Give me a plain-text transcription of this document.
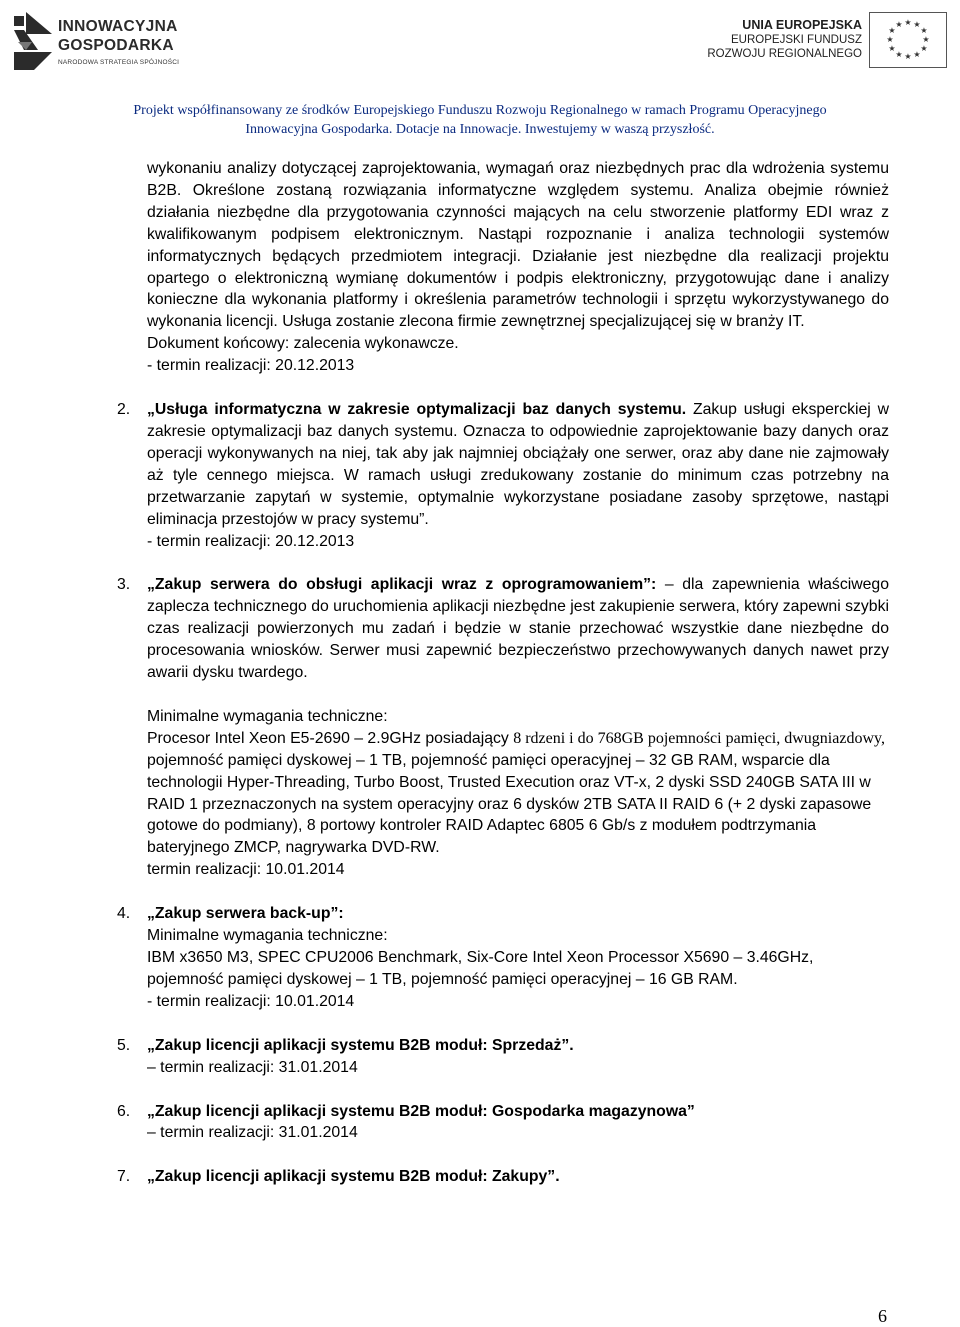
INNOWACYJNA
GOSPODARKA
NARODOWA STRATEGIA SPÓJNOŚCI
UNIA EUROPEJSKA
EUROPEJSKI FUNDUSZ
ROZWOJU REGIONALNEGO
★ ★
★
★
★
★
★
★
★
★
★
★
Projekt współfinansowany ze środków Europejskiego Funduszu Rozwoju Regionalnego w ramach Programu Operacyjnego
Innowacyjna Gospodarka. Dotacje na Innowacje. Inwestujemy w waszą przyszłość.

wykonaniu analizy dotyczącej zaprojektowania, wymagań oraz niezbędnych prac dla wdrożenia systemu B2B. Określone zostaną rozwiązania informatyczne względem systemu. Analiza obejmie również działania niezbędne dla przygotowania czynności mających na celu stworzenie platformy EDI wraz z kwalifikowanym podpisem elektronicznym. Nastąpi rozpoznanie i analiza technologii systemów informatycznych będących przedmiotem integracji. Działanie jest niezbędne dla realizacji projektu opartego o elektroniczną wymianę dokumentów i podpis elektroniczny, przygotowując dane i analizy konieczne dla wykonania platformy i określenia parametrów technologii i sprzętu wykorzystywanego do wykonania licencji. Usługa zostanie zlecona firmie zewnętrznej specjalizującej się w branży IT.

Dokument końcowy: zalecenia wykonawcze.

- termin realizacji: 20.12.2013

2. „Usługa informatyczna w zakresie optymalizacji baz danych systemu. Zakup usługi eksperckiej w zakresie optymalizacji baz danych systemu. Oznacza to odpowiednie zaprojektowanie bazy danych oraz operacji wykonywanych na niej, tak aby jak najmniej obciążały one serwer, oraz aby dane nie zajmowały aż tyle cennego miejsca. W ramach usługi zredukowany zostanie do minimum czas potrzebny na przetwarzanie zapytań w systemie, optymalnie wykorzystane posiadane zasoby sprzętowe, nastąpi eliminacja przestojów w pracy systemu”.

- termin realizacji: 20.12.2013

3. „Zakup serwera do obsługi aplikacji wraz z oprogramowaniem”: – dla zapewnienia właściwego zaplecza technicznego do uruchomienia aplikacji niezbędne jest zakupienie serwera, który zapewni szybki czas realizacji powierzonych mu zadań i będzie w stanie przechować wszystkie dane niezbędne do procesowania wniosków. Serwer musi zapewnić bezpieczeństwo przechowywanych danych nawet przy awarii dysku twardego.

Minimalne wymagania techniczne:

Procesor Intel Xeon E5-2690 – 2.9GHz posiadający 8 rdzeni i do 768GB pojemności pamięci, dwugniazdowy, pojemność pamięci dyskowej – 1 TB, pojemność pamięci operacyjnej – 32 GB RAM, wsparcie dla technologii Hyper-Threading, Turbo Boost, Trusted Execution oraz VT-x, 2 dyski SSD 240GB SATA III w RAID 1 przeznaczonych na system operacyjny oraz 6 dysków 2TB SATA II RAID 6 (+ 2 dyski zapasowe gotowe do podmiany), 8 portowy kontroler RAID Adaptec 6805 6 Gb/s z modułem podtrzymania bateryjnego ZMCP, nagrywarka DVD-RW.

termin realizacji: 10.01.2014

4. „Zakup serwera back-up”:

Minimalne wymagania techniczne:

IBM x3650 M3, SPEC CPU2006 Benchmark, Six-Core Intel Xeon Processor X5690 – 3.46GHz, pojemność pamięci dyskowej – 1 TB, pojemność pamięci operacyjnej – 16 GB RAM.

- termin realizacji: 10.01.2014

5. „Zakup licencji aplikacji systemu B2B moduł: Sprzedaż”.

– termin realizacji: 31.01.2014

6. „Zakup licencji aplikacji systemu B2B moduł: Gospodarka magazynowa”

– termin realizacji: 31.01.2014

7. „Zakup licencji aplikacji systemu B2B moduł: Zakupy”.
6
